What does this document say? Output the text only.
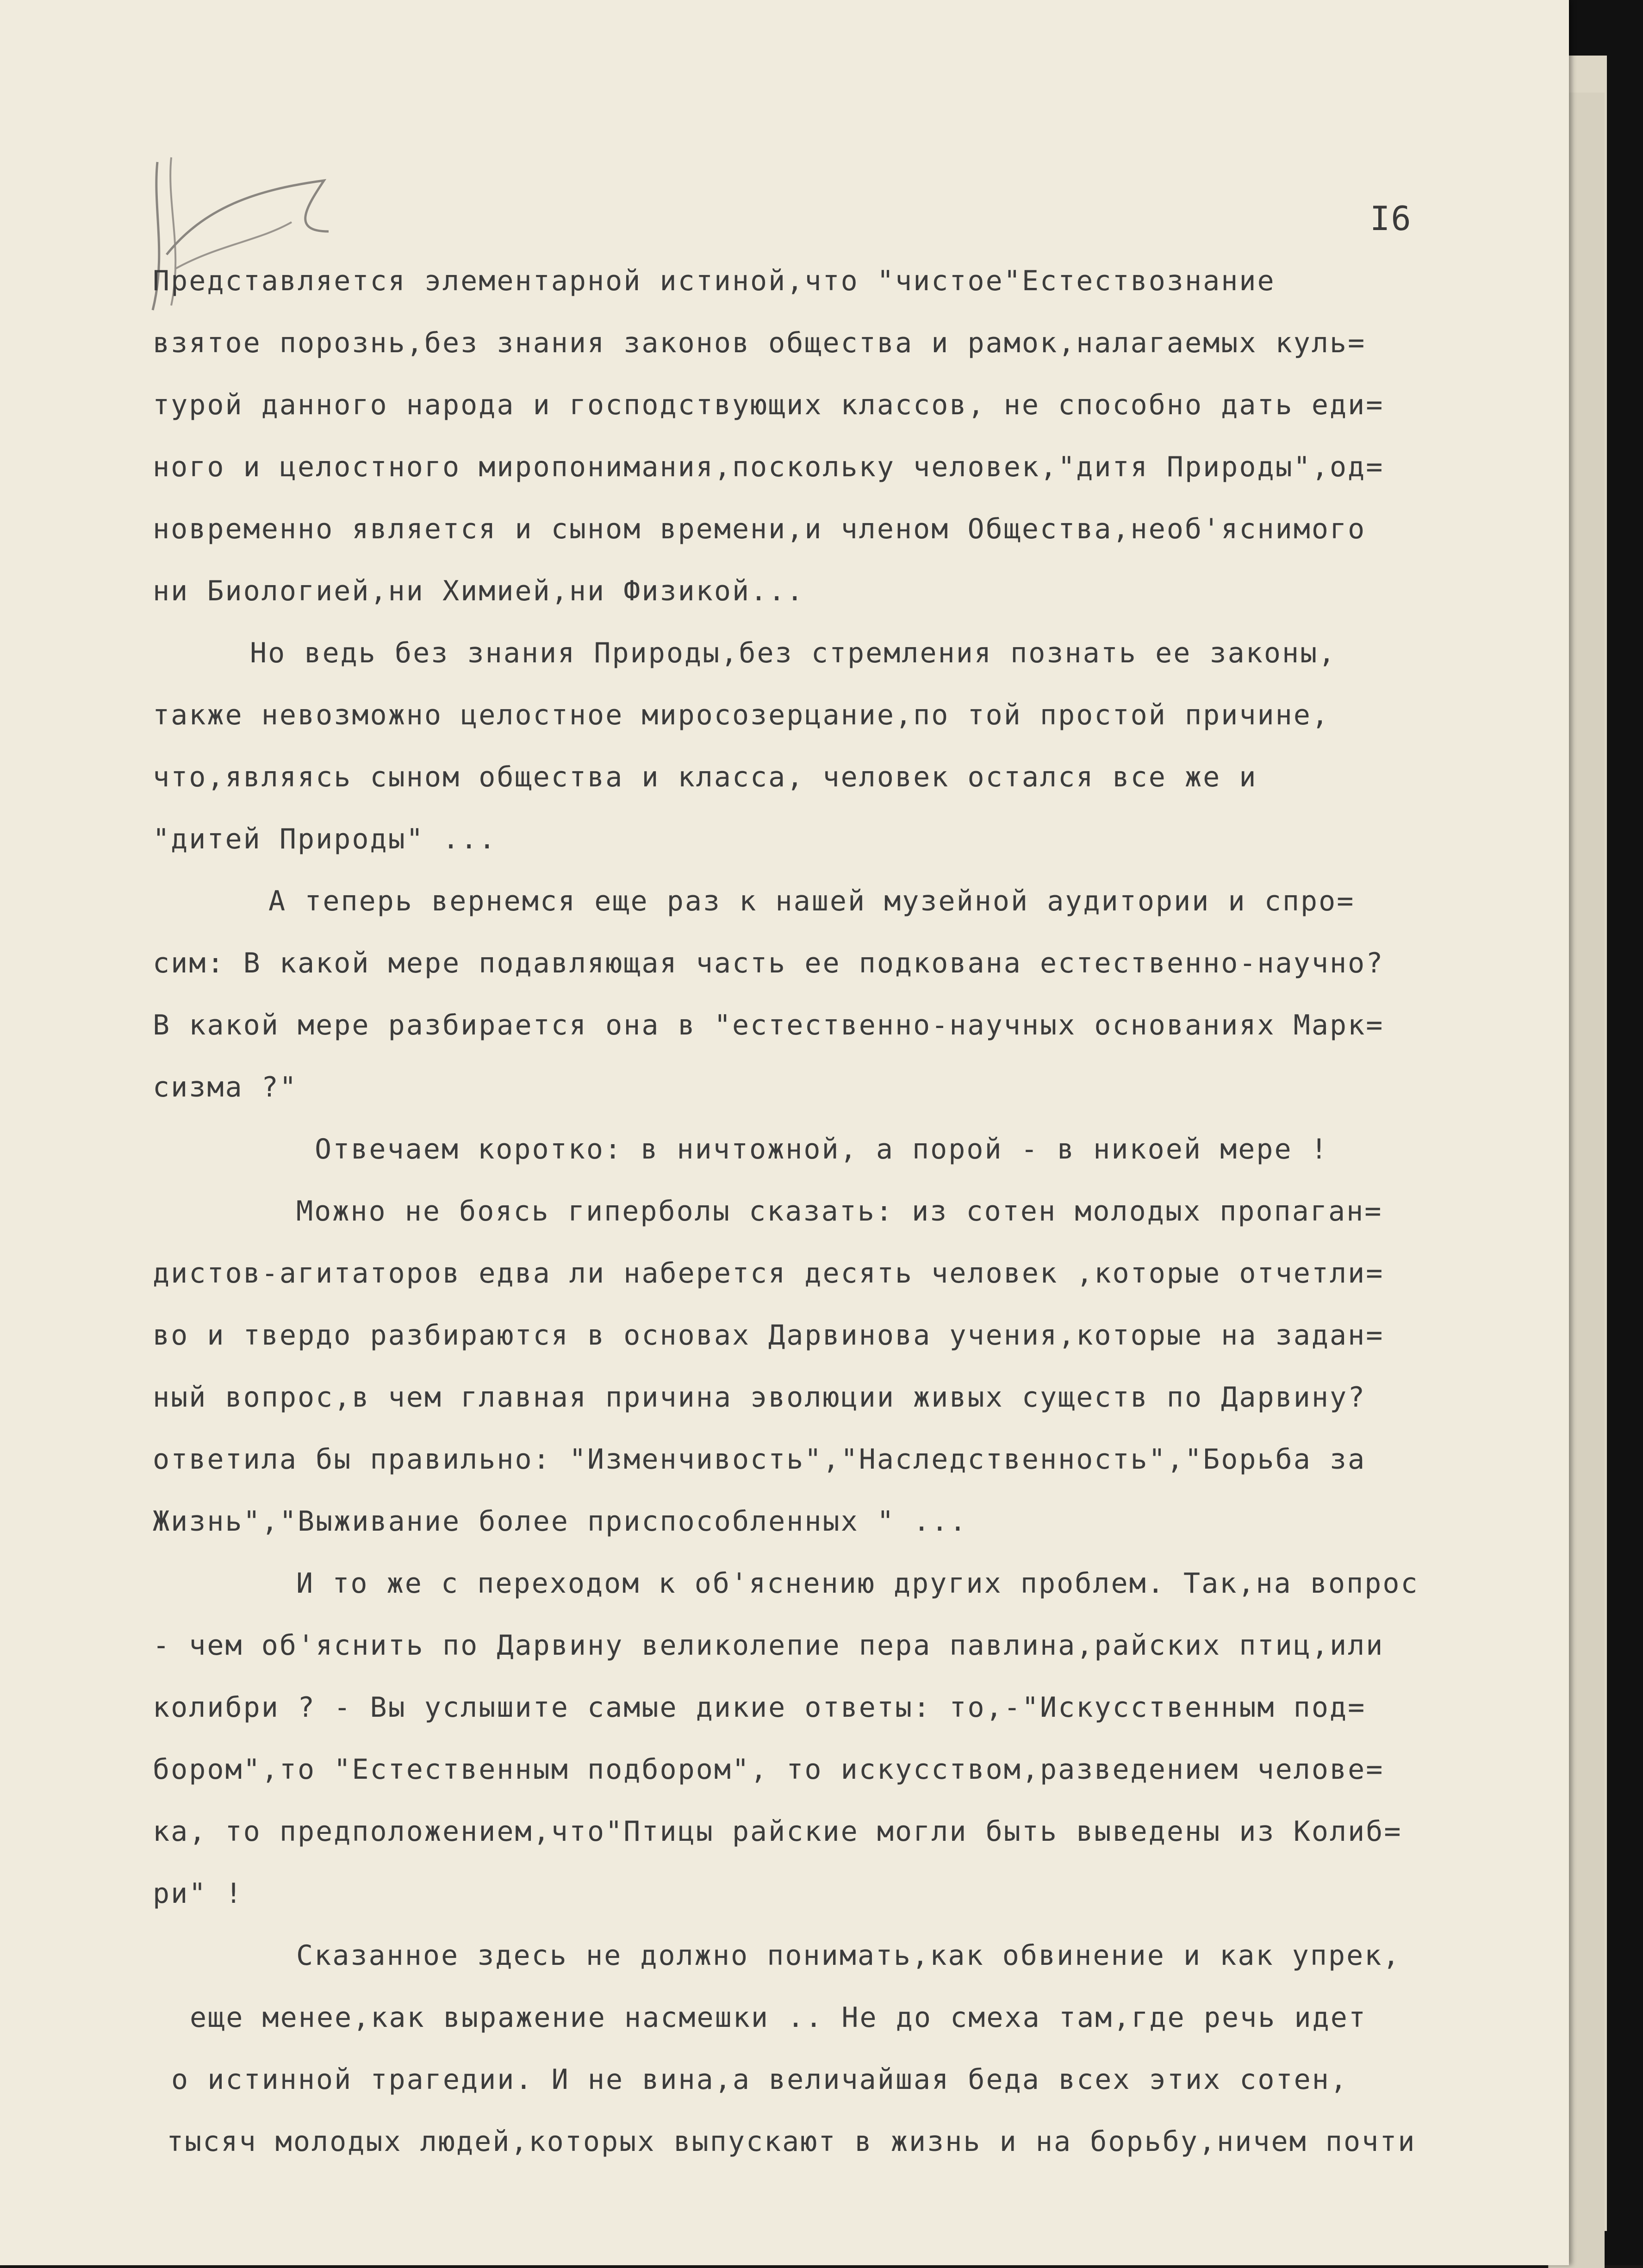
I6
Представляется элементарной истиной,что "чистое"Естествознание
взятое порознь,без знания законов общества и рамок,налагаемых куль=
турой данного народа и господствующих классов, не способно дать еди=
ного и целостного миропонимания,поскольку человек,"дитя Природы",од=
новременно является и сыном времени,и членом Общества,необ'яснимого
ни Биологией,ни Химией,ни Физикой...
Но ведь без знания Природы,без стремления познать ее законы,
также невозможно целостное миросозерцание,по той простой причине,
что,являясь сыном общества и класса, человек остался все же и
"дитей Природы" ...
А теперь вернемся еще раз к нашей музейной аудитории и спро=
сим: В какой мере подавляющая часть ее подкована естественно-научно?
В какой мере разбирается она в "естественно-научных основаниях Марк=
сизма ?"
Отвечаем коротко: в ничтожной, а порой - в никоей мере !
Можно не боясь гиперболы сказать: из сотен молодых пропаган=
дистов-агитаторов едва ли наберется десять человек ,которые отчетли=
во и твердо разбираются в основах Дарвинова учения,которые на задан=
ный вопрос,в чем главная причина эволюции живых существ по Дарвину?
ответила бы правильно: "Изменчивость","Наследственность","Борьба за
Жизнь","Выживание более приспособленных " ...
И то же с переходом к об'яснению других проблем. Так,на вопрос
- чем об'яснить по Дарвину великолепие пера павлина,райских птиц,или
колибри ? - Вы услышите самые дикие ответы: то,-"Искусственным под=
бором",то "Естественным подбором", то искусством,разведением челове=
ка, то предположением,что"Птицы райские могли быть выведены из Колиб=
ри" !
Сказанное здесь не должно понимать,как обвинение и как упрек,
еще менее,как выражение насмешки .. Не до смеха там,где речь идет
о истинной трагедии. И не вина,а величайшая беда всех этих сотен,
тысяч молодых людей,которых выпускают в жизнь и на борьбу,ничем почти
